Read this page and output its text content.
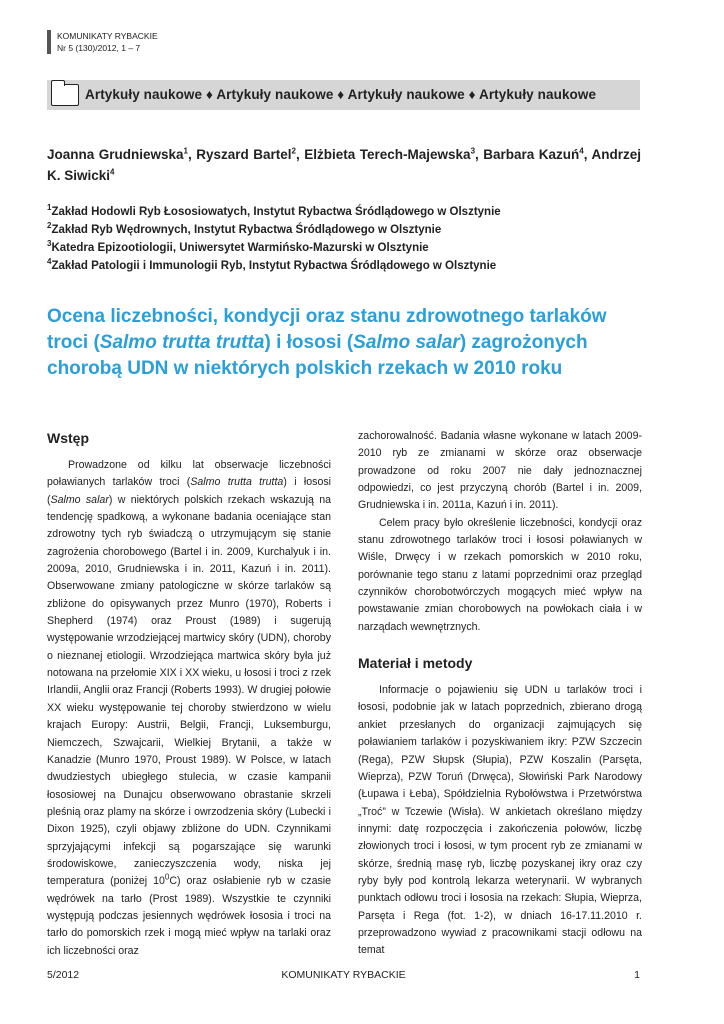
KOMUNIKATY RYBACKIE
Nr 5 (130)/2012, 1 – 7
Artykuły naukowe ♦ Artykuły naukowe ♦ Artykuły naukowe ♦ Artykuły naukowe
Joanna Grudniewska$^1$, Ryszard Bartel$^2$, Elżbieta Terech-Majewska$^3$, Barbara Kazuń$^4$, Andrzej K. Siwicki$^4$
$^1$Zakład Hodowli Ryb Łososiowatych, Instytut Rybactwa Śródlądowego w Olsztynie
$^2$Zakład Ryb Wędrownych, Instytut Rybactwa Śródlądowego w Olsztynie
$^3$Katedra Epizootiologii, Uniwersytet Warmińsko-Mazurski w Olsztynie
$^4$Zakład Patologii i Immunologii Ryb, Instytut Rybactwa Śródlądowego w Olsztynie
Ocena liczebności, kondycji oraz stanu zdrowotnego tarlaków troci (Salmo trutta trutta) i łososi (Salmo salar) zagrożonych chorobą UDN w niektórych polskich rzekach w 2010 roku
Wstęp

Prowadzone od kilku lat obserwacje liczebności poławianych tarlaków troci (Salmo trutta trutta) i łososi (Salmo salar) w niektórych polskich rzekach wskazują na tendencję spadkową, a wykonane badania oceniające stan zdrowotny tych ryb świadczą o utrzymującym się stanie zagrożenia chorobowego (Bartel i in. 2009, Kurchalyuk i in. 2009a, 2010, Grudniewska i in. 2011, Kazuń i in. 2011). Obserwowane zmiany patologiczne w skórze tarlaków są zbliżone do opisywanych przez Munro (1970), Roberts i Shepherd (1974) oraz Proust (1989) i sugerują występowanie wrzodziejącej martwicy skóry (UDN), choroby o nieznanej etiologii. Wrzodziejąca martwica skóry była już notowana na przełomie XIX i XX wieku, u łososi i troci z rzek Irlandii, Anglii oraz Francji (Roberts 1993). W drugiej połowie XX wieku występowanie tej choroby stwierdzono w wielu krajach Europy: Austrii, Belgii, Francji, Luksemburgu, Niemczech, Szwajcarii, Wielkiej Brytanii, a także w Kanadzie (Munro 1970, Proust 1989). W Polsce, w latach dwudziestych ubiegłego stulecia, w czasie kampanii łososiowej na Dunajcu obserwowano obrastanie skrzeli pleśnią oraz plamy na skórze i owrzodzenia skóry (Lubecki i Dixon 1925), czyli objawy zbliżone do UDN. Czynnikami sprzyjającymi infekcji są pogarszające się warunki środowiskowe, zanieczyszczenia wody, niska jej temperatura (poniżej $10^0C$) oraz osłabienie ryb w czasie wędrówek na tarło (Prost 1989). Wszystkie te czynniki występują podczas jesiennych wędrówek łososia i troci na tarło do pomorskich rzek i mogą mieć wpływ na tarlaki oraz ich liczebności oraz

zachorowalność. Badania własne wykonane w latach 2009-2010 ryb ze zmianami w skórze oraz obserwacje prowadzone od roku 2007 nie dały jednoznacznej odpowiedzi, co jest przyczyną chorób (Bartel i in. 2009, Grudniewska i in. 2011a, Kazuń i in. 2011).

Celem pracy było określenie liczebności, kondycji oraz stanu zdrowotnego tarlaków troci i łososi poławianych w Wiśle, Drwęcy i w rzekach pomorskich w 2010 roku, porównanie tego stanu z latami poprzednimi oraz przegląd czynników chorobotwórczych mogących mieć wpływ na powstawanie zmian chorobowych na powłokach ciała i w narządach wewnętrznych.

Materiał i metody

Informacje o pojawieniu się UDN u tarlaków troci i łososi, podobnie jak w latach poprzednich, zbierano drogą ankiet przesłanych do organizacji zajmujących się poławianiem tarlaków i pozyskiwaniem ikry: PZW Szczecin (Rega), PZW Słupsk (Słupia), PZW Koszalin (Parsęta, Wieprza), PZW Toruń (Drwęca), Słowiński Park Narodowy (Łupawa i Łeba), Spółdzielnia Rybołówstwa i Przetwórstwa „Troć” w Tczewie (Wisła). W ankietach określano między innymi: datę rozpoczęcia i zakończenia połowów, liczbę złowionych troci i łososi, w tym procent ryb ze zmianami w skórze, średnią masę ryb, liczbę pozyskanej ikry oraz czy ryby były pod kontrolą lekarza weterynarii. W wybranych punktach odłowu troci i łososia na rzekach: Słupia, Wieprza, Parsęta i Rega (fot. 1-2), w dniach 16-17.11.2010 r. przeprowadzono wywiad z pracownikami stacji odłowu na temat

5/2012	KOMUNIKATY RYBACKIE	1
